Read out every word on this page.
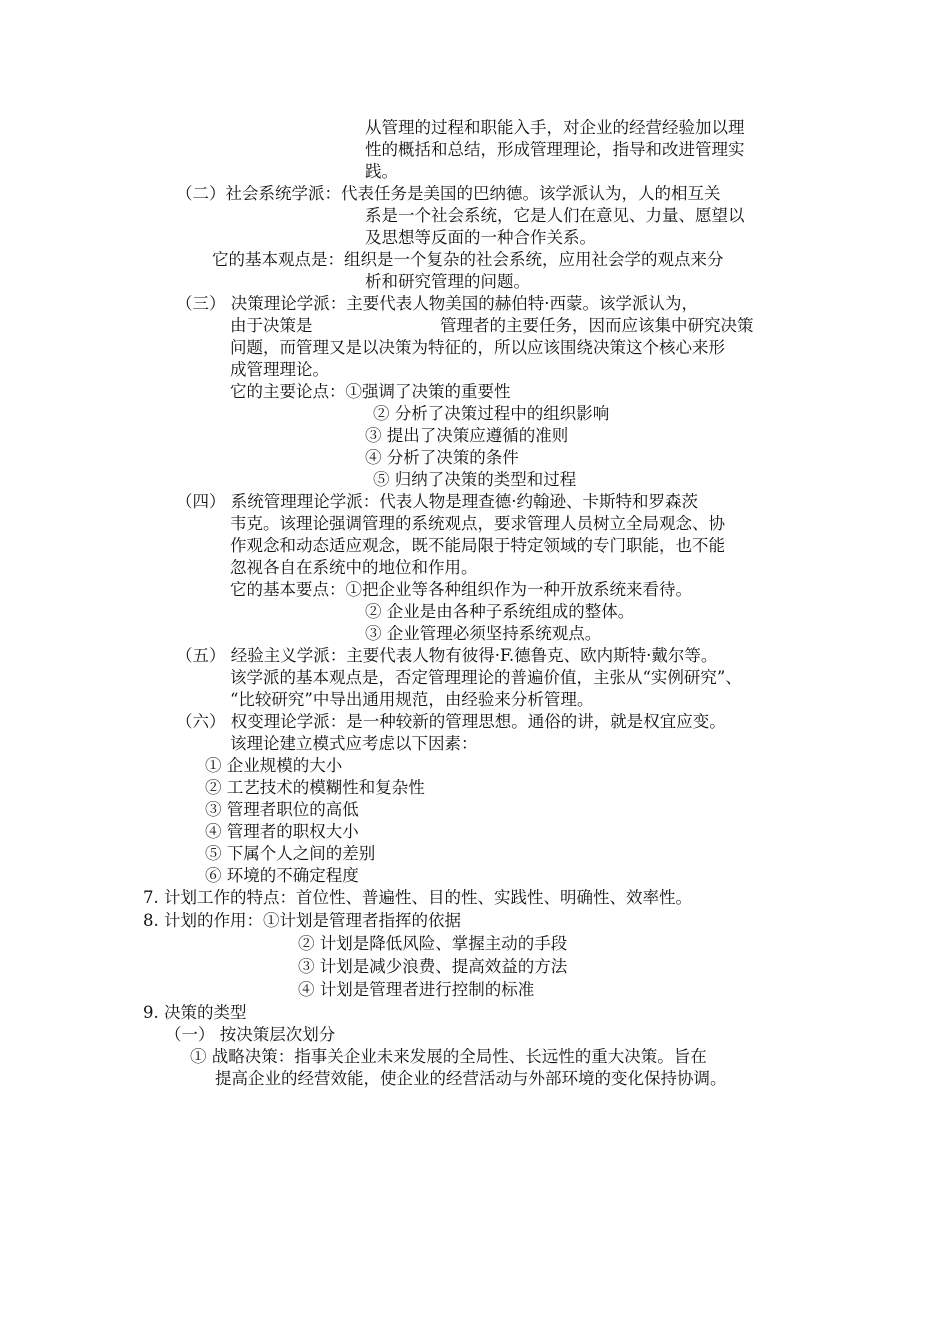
从管理的过程和职能入手，对企业的经营经验加以理
性的概括和总结，形成管理理论，指导和改进管理实
践。
（二）社会系统学派：代表任务是美国的巴纳德。该学派认为，人的相互关
系是一个社会系统，它是人们在意见、力量、愿望以
及思想等反面的一种合作关系。
它的基本观点是：组织是一个复杂的社会系统，应用社会学的观点来分
析和研究管理的问题。
（三） 决策理论学派：主要代表人物美国的赫伯特·西蒙。该学派认为，
由于决策是	管理者的主要任务，因而应该集中研究决策
问题，而管理又是以决策为特征的，所以应该围绕决策这个核心来形
成管理理论。
它的主要论点：①强调了决策的重要性
② 分析了决策过程中的组织影响
③ 提出了决策应遵循的准则
④ 分析了决策的条件
⑤ 归纳了决策的类型和过程
（四） 系统管理理论学派：代表人物是理查德·约翰逊、卡斯特和罗森茨
韦克。该理论强调管理的系统观点，要求管理人员树立全局观念、协
作观念和动态适应观念，既不能局限于特定领域的专门职能，也不能
忽视各自在系统中的地位和作用。
它的基本要点：①把企业等各种组织作为一种开放系统来看待。
② 企业是由各种子系统组成的整体。
③ 企业管理必须坚持系统观点。
（五） 经验主义学派：主要代表人物有彼得·F.德鲁克、欧内斯特·戴尔等。
该学派的基本观点是，否定管理理论的普遍价值，主张从“实例研究”、
“比较研究”中导出通用规范，由经验来分析管理。
（六） 权变理论学派：是一种较新的管理思想。通俗的讲，就是权宜应变。
该理论建立模式应考虑以下因素：
① 企业规模的大小
② 工艺技术的模糊性和复杂性
③ 管理者职位的高低
④ 管理者的职权大小
⑤ 下属个人之间的差别
⑥ 环境的不确定程度
7. 计划工作的特点：首位性、普遍性、目的性、实践性、明确性、效率性。
8. 计划的作用：①计划是管理者指挥的依据
② 计划是降低风险、掌握主动的手段
③ 计划是减少浪费、提高效益的方法
④ 计划是管理者进行控制的标准
9. 决策的类型
（一） 按决策层次划分
① 战略决策：指事关企业未来发展的全局性、长远性的重大决策。旨在
提高企业的经营效能，使企业的经营活动与外部环境的变化保持协调。
